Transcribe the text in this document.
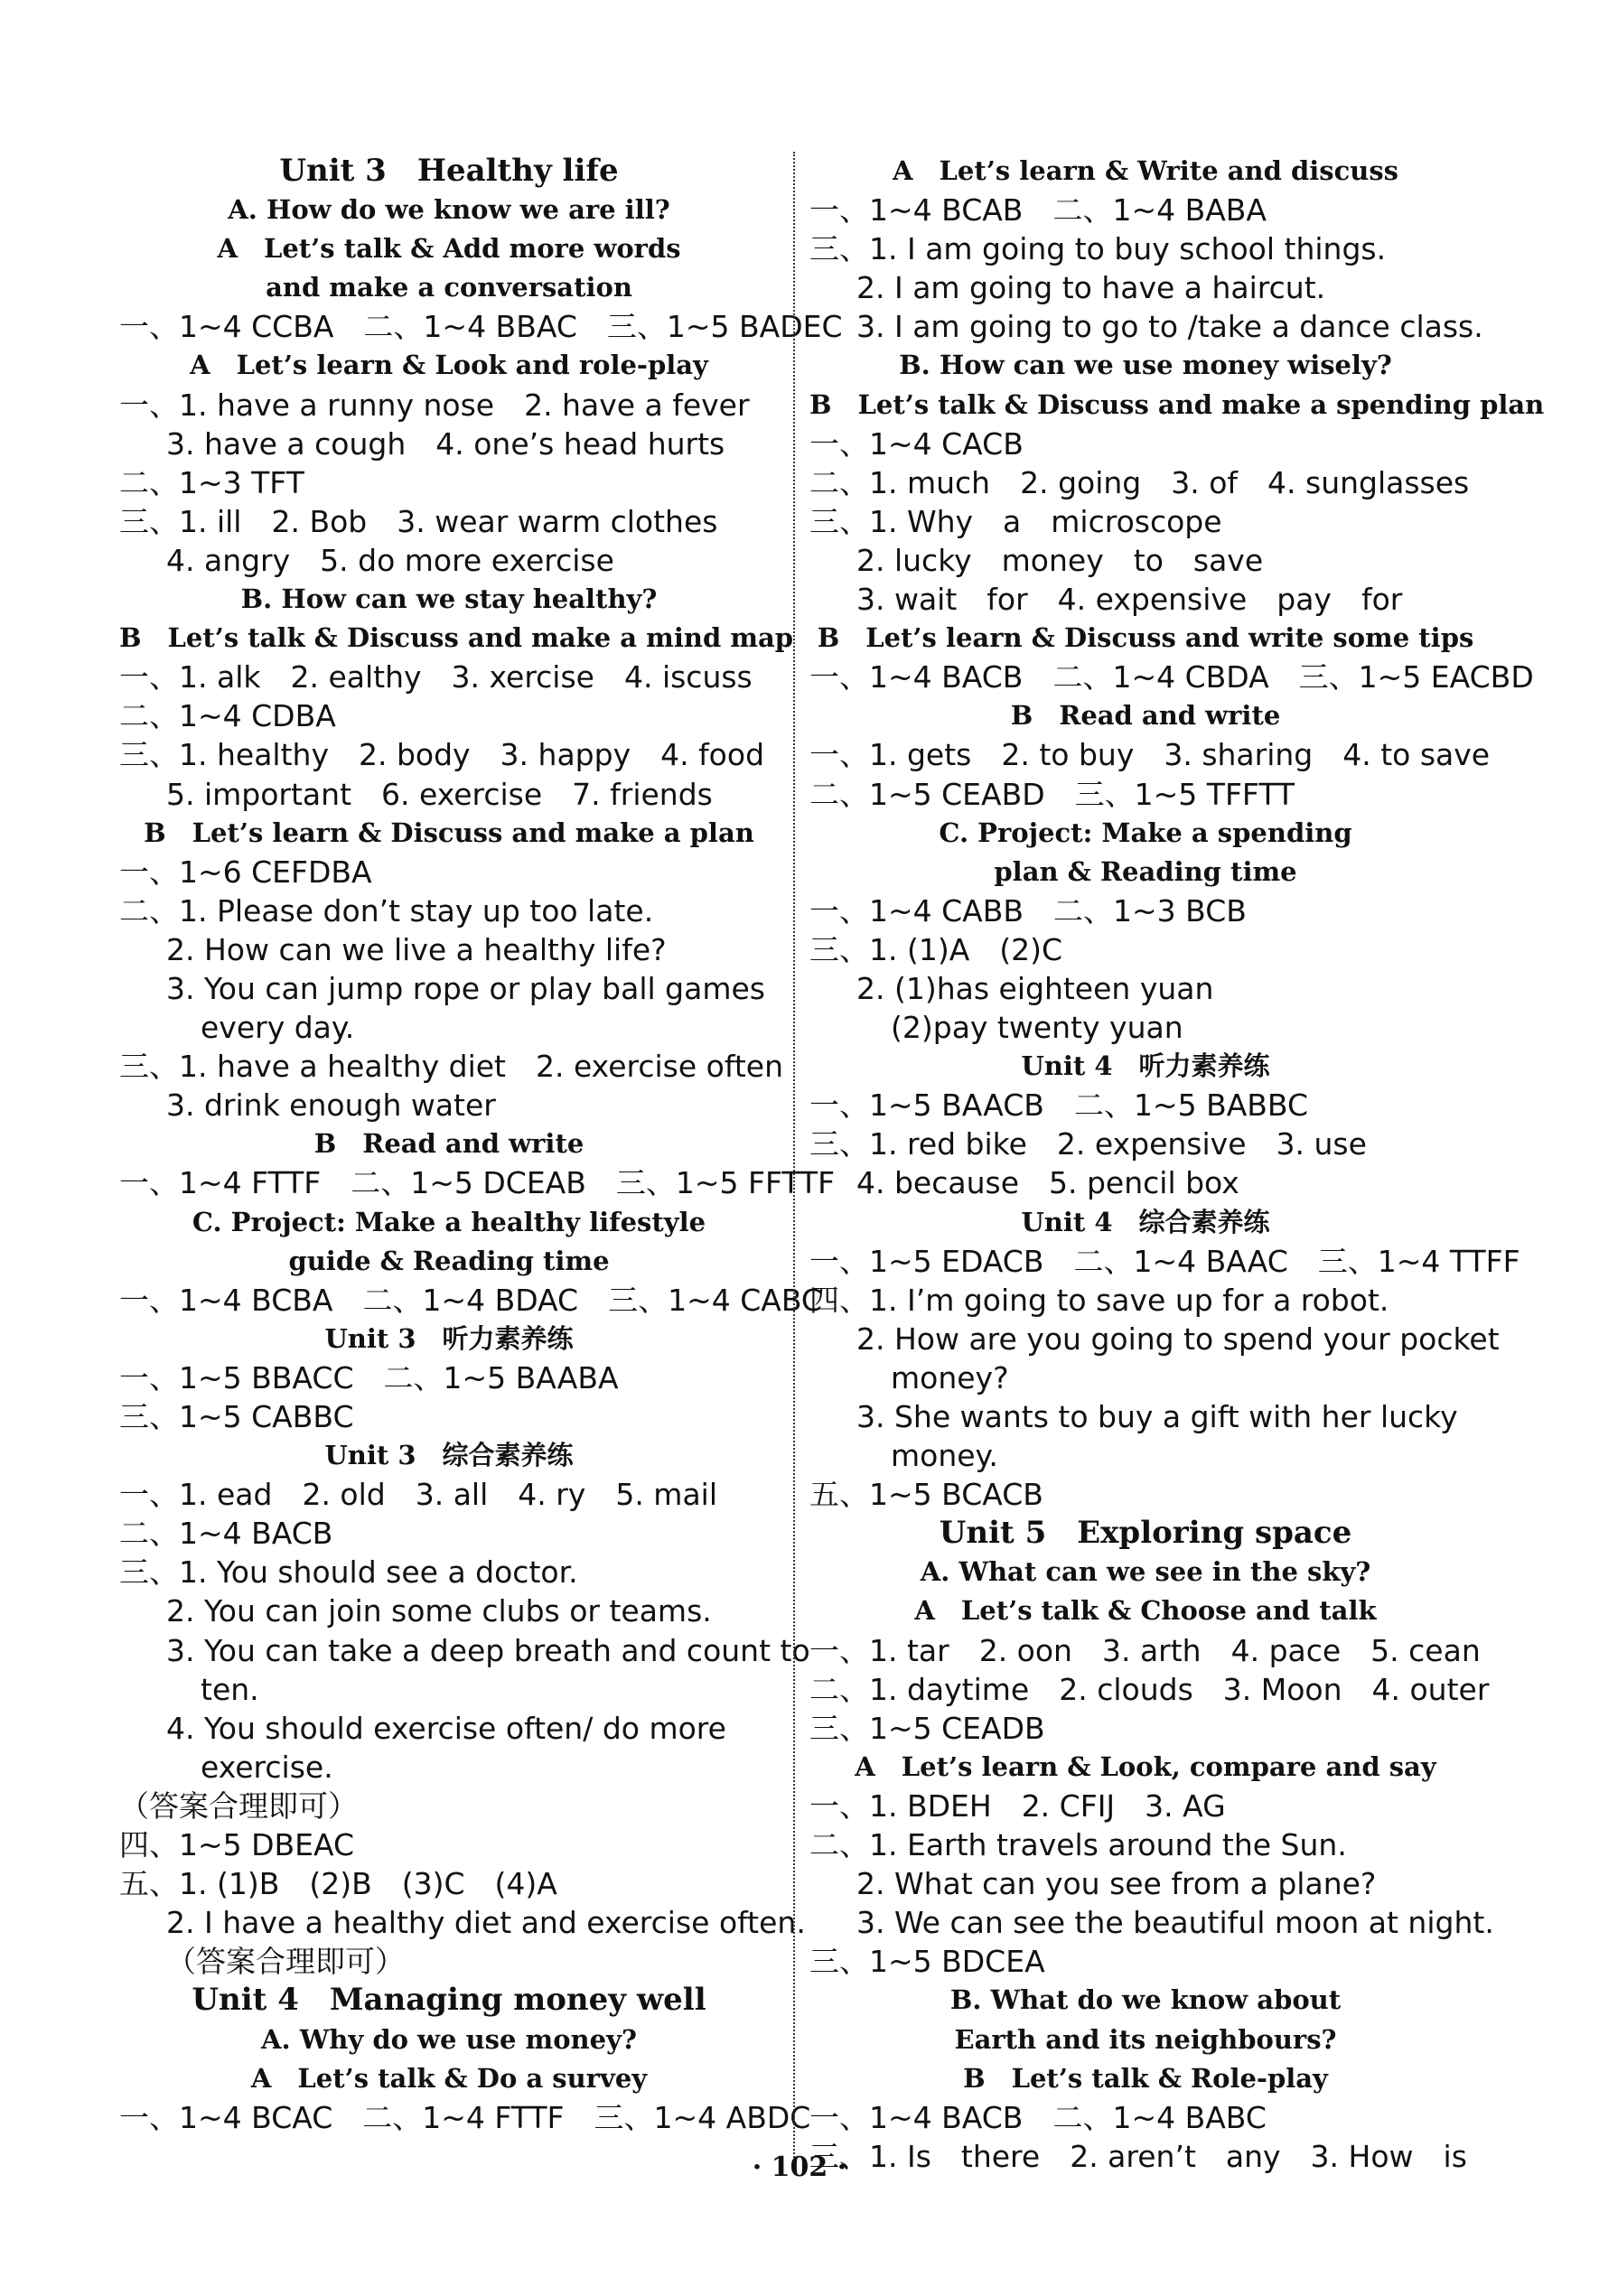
Unit 3　Healthy life
A. How do we know we are ill?
A　Let’s talk & Add more words
and make a conversation
一、1~4 CCBA　二、1~4 BBAC　三、1~5 BADEC
A　Let’s learn & Look and role-play
一、1. have a runny nose　2. have a fever
3. have a cough　4. one’s head hurts
二、1~3 TFT
三、1. ill　2. Bob　3. wear warm clothes
4. angry　5. do more exercise
B. How can we stay healthy?
B　Let’s talk & Discuss and make a mind map
一、1. alk　2. ealthy　3. xercise　4. iscuss
二、1~4 CDBA
三、1. healthy　2. body　3. happy　4. food
5. important　6. exercise　7. friends
B　Let’s learn & Discuss and make a plan
一、1~6 CEFDBA
二、1. Please don’t stay up too late.
2. How can we live a healthy life?
3. You can jump rope or play ball games
every day.
三、1. have a healthy diet　2. exercise often
3. drink enough water
B　Read and write
一、1~4 FTTF　二、1~5 DCEAB　三、1~5 FFTTF
C. Project: Make a healthy lifestyle
guide & Reading time
一、1~4 BCBA　二、1~4 BDAC　三、1~4 CABC
Unit 3　听力素养练
一、1~5 BBACC　二、1~5 BAABA
三、1~5 CABBC
Unit 3　综合素养练
一、1. ead　2. old　3. all　4. ry　5. mail
二、1~4 BACB
三、1. You should see a doctor.
2. You can join some clubs or teams.
3. You can take a deep breath and count to
ten.
4. You should exercise often/ do more
exercise.
（答案合理即可）
四、1~5 DBEAC
五、1. (1)B　(2)B　(3)C　(4)A
2. I have a healthy diet and exercise often.
（答案合理即可）
Unit 4　Managing money well
A. Why do we use money?
A　Let’s talk & Do a survey
一、1~4 BCAC　二、1~4 FTTF　三、1~4 ABDC
A　Let’s learn & Write and discuss
一、1~4 BCAB　二、1~4 BABA
三、1. I am going to buy school things.
2. I am going to have a haircut.
3. I am going to go to /take a dance class.
B. How can we use money wisely?
B　Let’s talk & Discuss and make a spending plan
一、1~4 CACB
二、1. much　2. going　3. of　4. sunglasses
三、1. Why　a　microscope
2. lucky　money　to　save
3. wait　for　4. expensive　pay　for
B　Let’s learn & Discuss and write some tips
一、1~4 BACB　二、1~4 CBDA　三、1~5 EACBD
B　Read and write
一、1. gets　2. to buy　3. sharing　4. to save
二、1~5 CEABD　三、1~5 TFFTT
C. Project: Make a spending
plan & Reading time
一、1~4 CABB　二、1~3 BCB
三、1. (1)A　(2)C
2. (1)has eighteen yuan
(2)pay twenty yuan
Unit 4　听力素养练
一、1~5 BAACB　二、1~5 BABBC
三、1. red bike　2. expensive　3. use
4. because　5. pencil box
Unit 4　综合素养练
一、1~5 EDACB　二、1~4 BAAC　三、1~4 TTFF
四、1. I’m going to save up for a robot.
2. How are you going to spend your pocket
money?
3. She wants to buy a gift with her lucky
money.
五、1~5 BCACB
Unit 5　Exploring space
A. What can we see in the sky?
A　Let’s talk & Choose and talk
一、1. tar　2. oon　3. arth　4. pace　5. cean
二、1. daytime　2. clouds　3. Moon　4. outer
三、1~5 CEADB
A　Let’s learn & Look, compare and say
一、1. BDEH　2. CFIJ　3. AG
二、1. Earth travels around the Sun.
2. What can you see from a plane?
3. We can see the beautiful moon at night.
三、1~5 BDCEA
B. What do we know about
Earth and its neighbours?
B　Let’s talk & Role-play
一、1~4 BACB　二、1~4 BABC
三、1. Is　there　2. aren’t　any　3. How　is
· 102 ·
